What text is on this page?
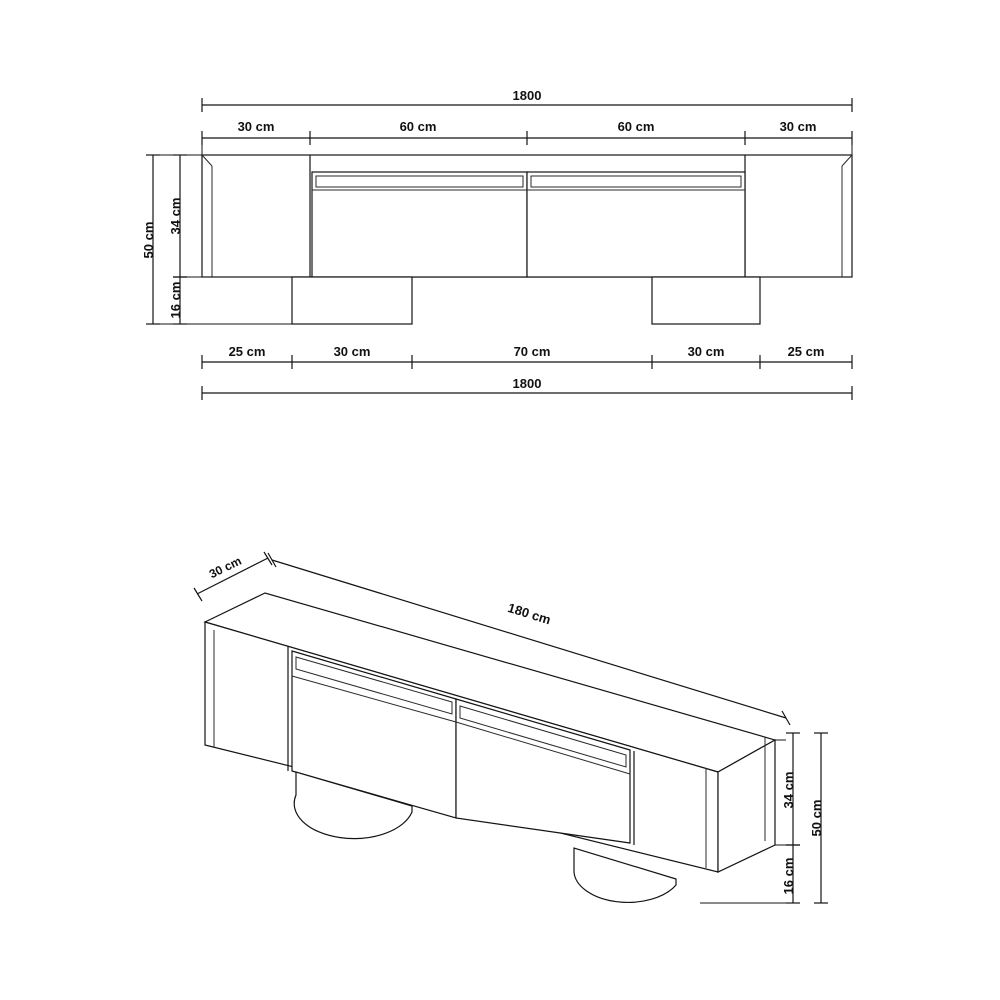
1800
30 cm	60 cm	60 cm	30 cm
50 cm
34 cm
16 cm
25 cm	30 cm	70 cm	30 cm	25 cm
1800
30 cm
180 cm
34 cm
16 cm
50 cm
